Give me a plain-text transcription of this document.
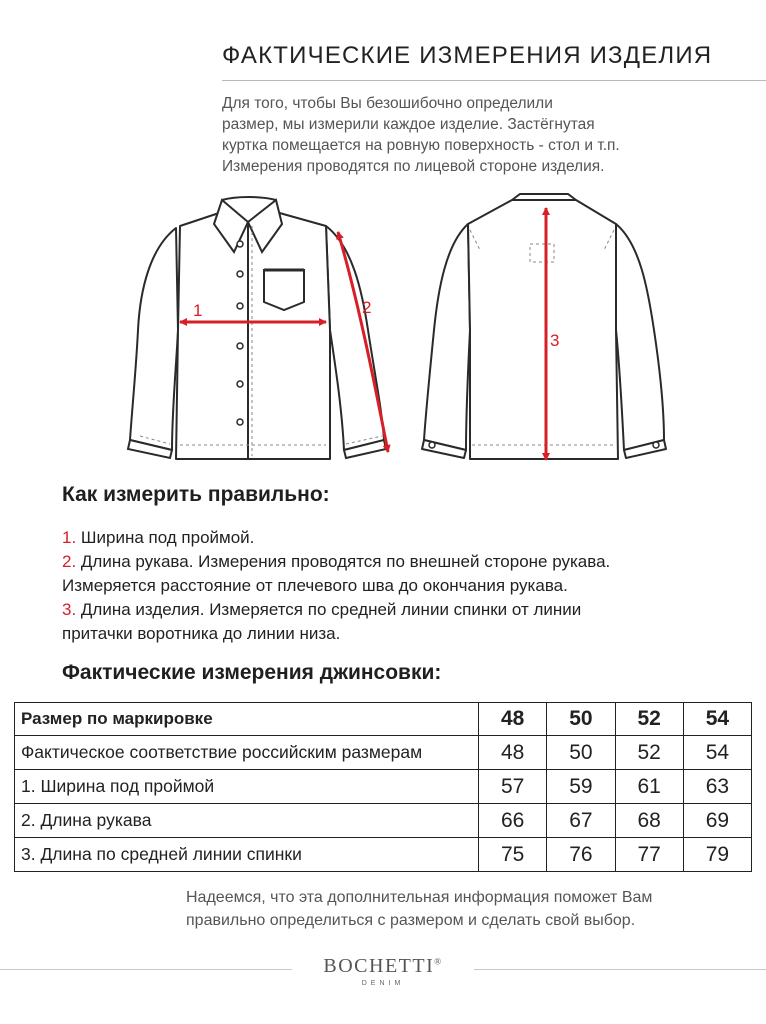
ФАКТИЧЕСКИЕ ИЗМЕРЕНИЯ ИЗДЕЛИЯ
Для того, чтобы Вы безошибочно определили
размер, мы измерили каждое изделие. Застёгнутая
куртка помещается на ровную поверхность - стол и т.п.
Измерения проводятся по лицевой стороне изделия.
1	2
3
Как измерить правильно:
1. Ширина под проймой.
2. Длина рукава. Измерения проводятся по внешней стороне рукава.
Измеряется расстояние от плечевого шва до окончания рукава.
3. Длина изделия. Измеряется по средней линии спинки от линии
притачки воротника до линии низа.
Фактические измерения джинсовки:
Размер по маркировке	48	50	52	54
Фактическое соответствие российским размерам	48	50	52	54
1. Ширина под проймой	57	59	61	63
2. Длина рукава	66	67	68	69
3. Длина по средней линии спинки	75	76	77	79
Надеемся, что эта дополнительная информация поможет Вам
правильно определиться с размером и сделать свой выбор.
BOCHETTI®
DENIM
